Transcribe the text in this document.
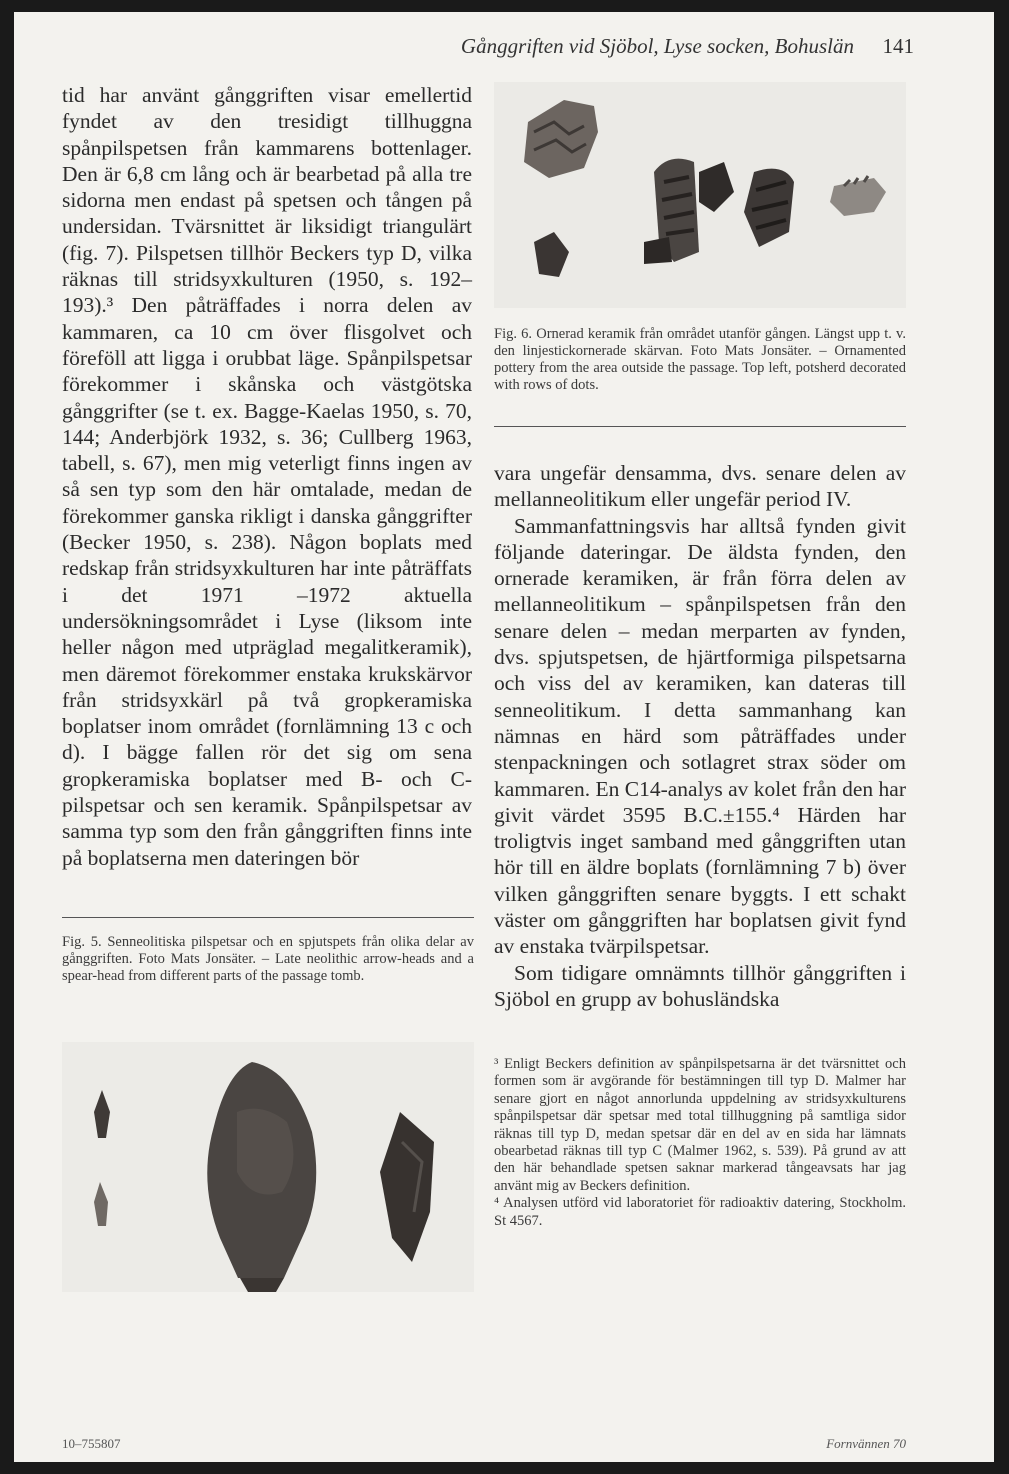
Gånggriften vid Sjöbol, Lyse socken, Bohuslän 141

tid har använt gånggriften visar emellertid fyndet av den tresidigt tillhuggna spånpilspetsen från kammarens bottenlager. Den är 6,8 cm lång och är bearbetad på alla tre sidorna men endast på spetsen och tången på undersidan. Tvärsnittet är liksidigt triangulärt (fig. 7). Pilspetsen tillhör Beckers typ D, vilka räknas till stridsyxkulturen (1950, s. 192–193).³ Den påträffades i norra delen av kammaren, ca 10 cm över flisgolvet och föreföll att ligga i orubbat läge. Spånpilspetsar förekommer i skånska och västgötska gånggrifter (se t. ex. Bagge-Kaelas 1950, s. 70, 144; Anderbjörk 1932, s. 36; Cullberg 1963, tabell, s. 67), men mig veterligt finns ingen av så sen typ som den här omtalade, medan de förekommer ganska rikligt i danska gånggrifter (Becker 1950, s. 238). Någon boplats med redskap från stridsyxkulturen har inte påträffats i det 1971 –1972 aktuella undersökningsområdet i Lyse (liksom inte heller någon med utpräglad megalitkeramik), men däremot förekommer enstaka krukskärvor från stridsyxkärl på två gropkeramiska boplatser inom området (fornlämning 13 c och d). I bägge fallen rör det sig om sena gropkeramiska boplatser med B- och C-pilspetsar och sen keramik. Spånpilspetsar av samma typ som den från gånggriften finns inte på boplatserna men dateringen bör

Fig. 6. Ornerad keramik från området utanför gången. Längst upp t. v. den linjestickornerade skärvan. Foto Mats Jonsäter. – Ornamented pottery from the area outside the passage. Top left, potsherd decorated with rows of dots.

vara ungefär densamma, dvs. senare delen av mellanneolitikum eller ungefär period IV.

Sammanfattningsvis har alltså fynden givit följande dateringar. De äldsta fynden, den ornerade keramiken, är från förra delen av mellanneolitikum – spånpilspetsen från den senare delen – medan merparten av fynden, dvs. spjutspetsen, de hjärtformiga pilspetsarna och viss del av keramiken, kan dateras till senneolitikum. I detta sammanhang kan nämnas en härd som påträffades under stenpackningen och sotlagret strax söder om kammaren. En C14-analys av kolet från den har givit värdet 3595 B.C.±155.⁴ Härden har troligtvis inget samband med gånggriften utan hör till en äldre boplats (fornlämning 7 b) över vilken gånggriften senare byggts. I ett schakt väster om gånggriften har boplatsen givit fynd av enstaka tvärpilspetsar.

Som tidigare omnämnts tillhör gånggriften i Sjöbol en grupp av bohusländska

Fig. 5. Senneolitiska pilspetsar och en spjutspets från olika delar av gånggriften. Foto Mats Jonsäter. – Late neolithic arrow-heads and a spear-head from different parts of the passage tomb.

³ Enligt Beckers definition av spånpilspetsarna är det tvärsnittet och formen som är avgörande för bestämningen till typ D. Malmer har senare gjort en något annorlunda uppdelning av stridsyxkulturens spånpilspetsar där spetsar med total tillhuggning på samtliga sidor räknas till typ D, medan spetsar där en del av en sida har lämnats obearbetad räknas till typ C (Malmer 1962, s. 539). På grund av att den här behandlade spetsen saknar markerad tångeavsats har jag använt mig av Beckers definition.

⁴ Analysen utförd vid laboratoriet för radioaktiv datering, Stockholm. St 4567.

10–755807	Fornvännen 70
